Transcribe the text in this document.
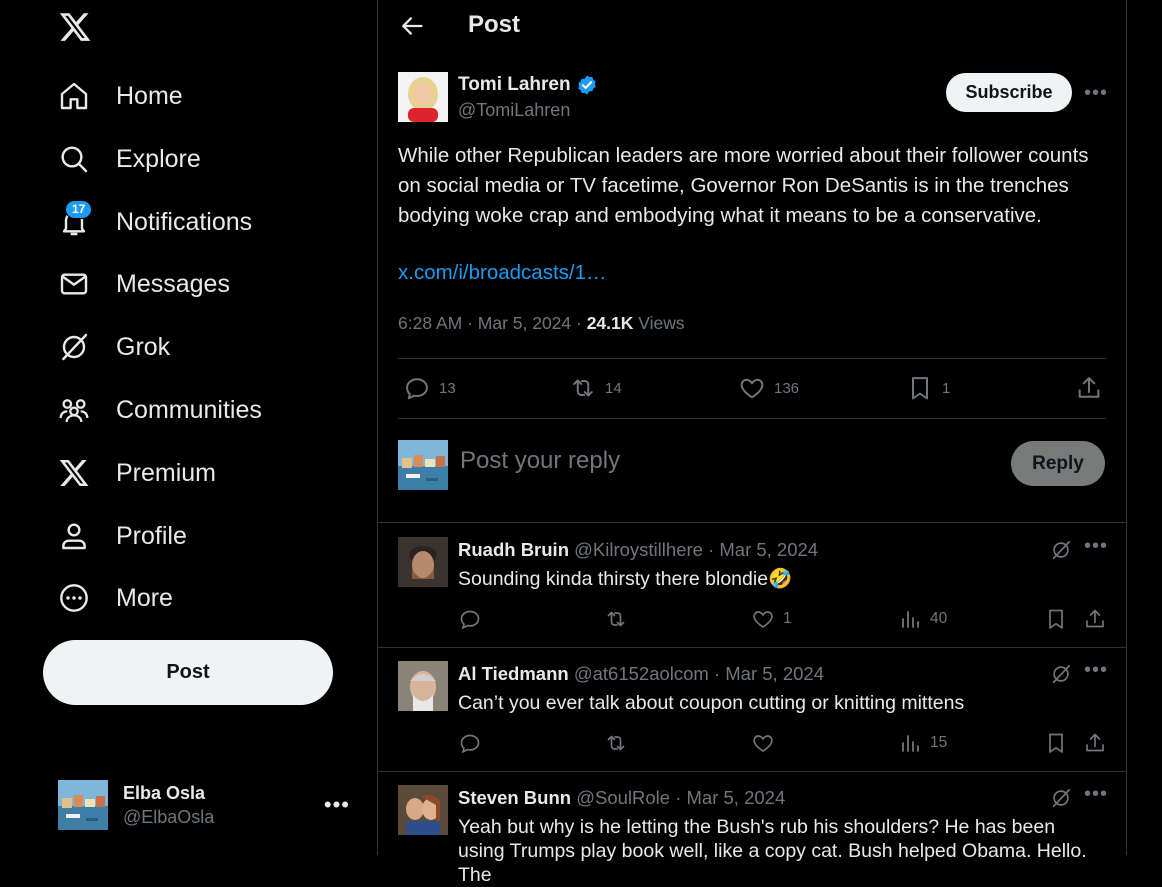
Home
Explore
17 Notifications
Messages
Grok
Communities
Premium
Profile
More
Post
Elba Osla
@ElbaOsla	•••
Post
Tomi Lahren
@TomiLahren
Subscribe	•••
While other Republican leaders are more worried about their follower counts on social media or TV facetime, Governor Ron DeSantis is in the trenches bodying woke crap and embodying what it means to be a conservative.
x.com/i/broadcasts/1…
6:28 AM · Mar 5, 2024 · 24.1K Views
13	14	136	1
Post your reply	Reply
Ruadh Bruin @Kilroystillhere · Mar 5, 2024	•••
Sounding kinda thirsty there blondie🤣
1	40
Al Tiedmann @at6152aolcom · Mar 5, 2024	•••
Can’t you ever talk about coupon cutting or knitting mittens
15
Steven Bunn @SoulRole · Mar 5, 2024	•••
Yeah but why is he letting the Bush's rub his shoulders? He has been using Trumps play book well, like a copy cat. Bush helped Obama. Hello. The
